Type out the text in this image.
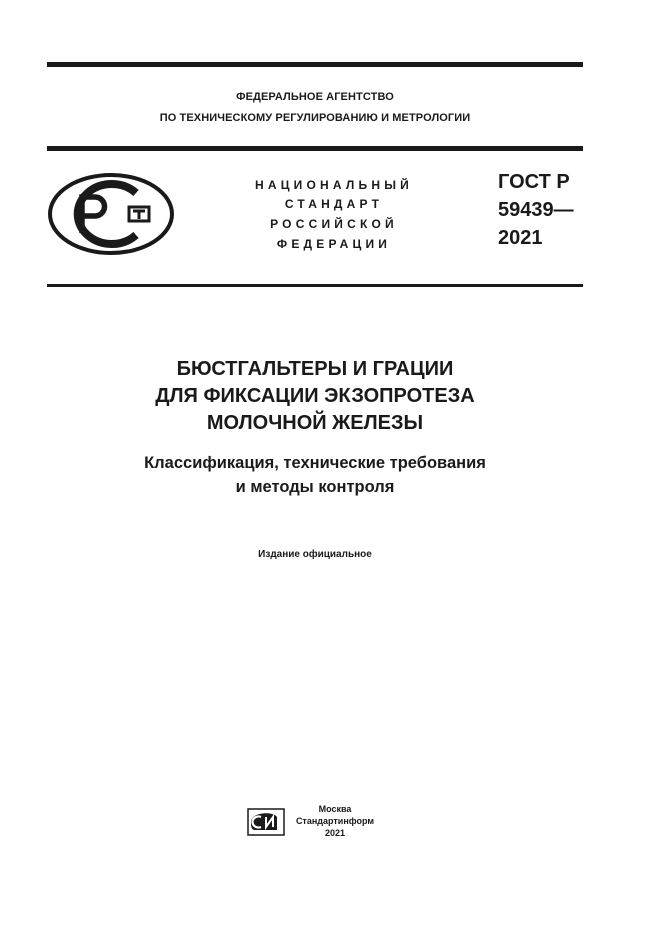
ФЕДЕРАЛЬНОЕ АГЕНТСТВО
ПО ТЕХНИЧЕСКОМУ РЕГУЛИРОВАНИЮ И МЕТРОЛОГИИ
НАЦИОНАЛЬНЫЙ
СТАНДАРТ
РОССИЙСКОЙ
ФЕДЕРАЦИИ
ГОСТ Р
59439—
2021
БЮСТГАЛЬТЕРЫ И ГРАЦИИ
ДЛЯ ФИКСАЦИИ ЭКЗОПРОТЕЗА
МОЛОЧНОЙ ЖЕЛЕЗЫ
Классификация, технические требования
и методы контроля
Издание официальное
Москва
Стандартинформ
2021
